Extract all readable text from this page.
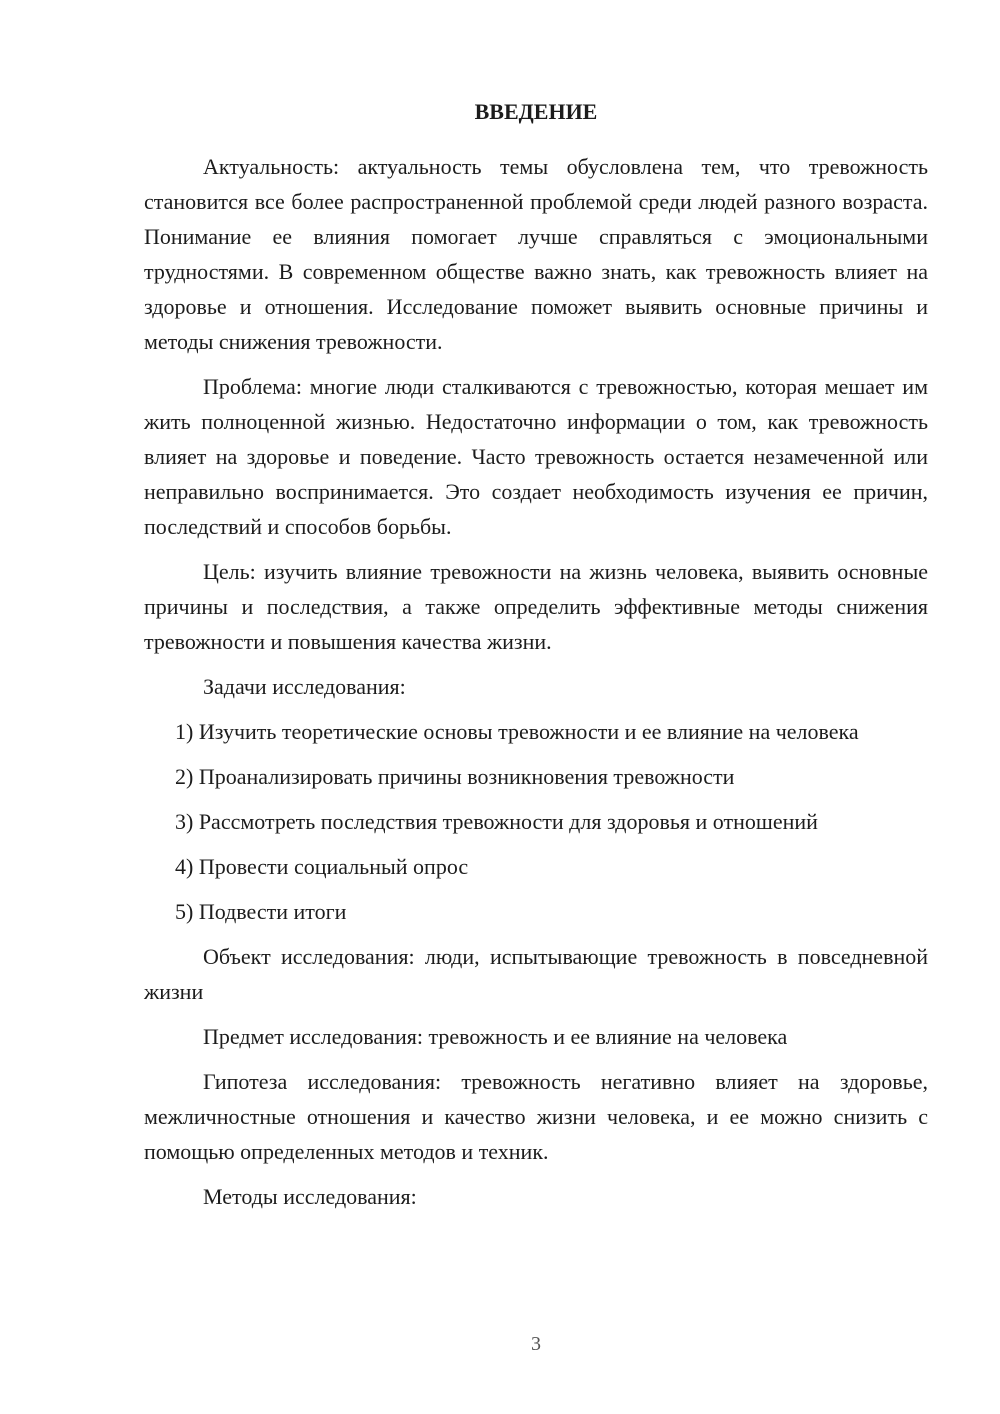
ВВЕДЕНИЕ

Актуальность: актуальность темы обусловлена тем, что тревожность становится все более распространенной проблемой среди людей разного возраста. Понимание ее влияния помогает лучше справляться с эмоциональными трудностями. В современном обществе важно знать, как тревожность влияет на здоровье и отношения. Исследование поможет выявить основные причины и методы снижения тревожности.

Проблема: многие люди сталкиваются с тревожностью, которая мешает им жить полноценной жизнью. Недостаточно информации о том, как тревожность влияет на здоровье и поведение. Часто тревожность остается незамеченной или неправильно воспринимается. Это создает необходимость изучения ее причин, последствий и способов борьбы.

Цель: изучить влияние тревожности на жизнь человека, выявить основные причины и последствия, а также определить эффективные методы снижения тревожности и повышения качества жизни.

Задачи исследования:

1) Изучить теоретические основы тревожности и ее влияние на человека

2) Проанализировать причины возникновения тревожности

3) Рассмотреть последствия тревожности для здоровья и отношений

4) Провести социальный опрос

5) Подвести итоги

Объект исследования: люди, испытывающие тревожность в повседневной жизни

Предмет исследования: тревожность и ее влияние на человека

Гипотеза исследования: тревожность негативно влияет на здоровье, межличностные отношения и качество жизни человека, и ее можно снизить с помощью определенных методов и техник.

Методы исследования:

3
